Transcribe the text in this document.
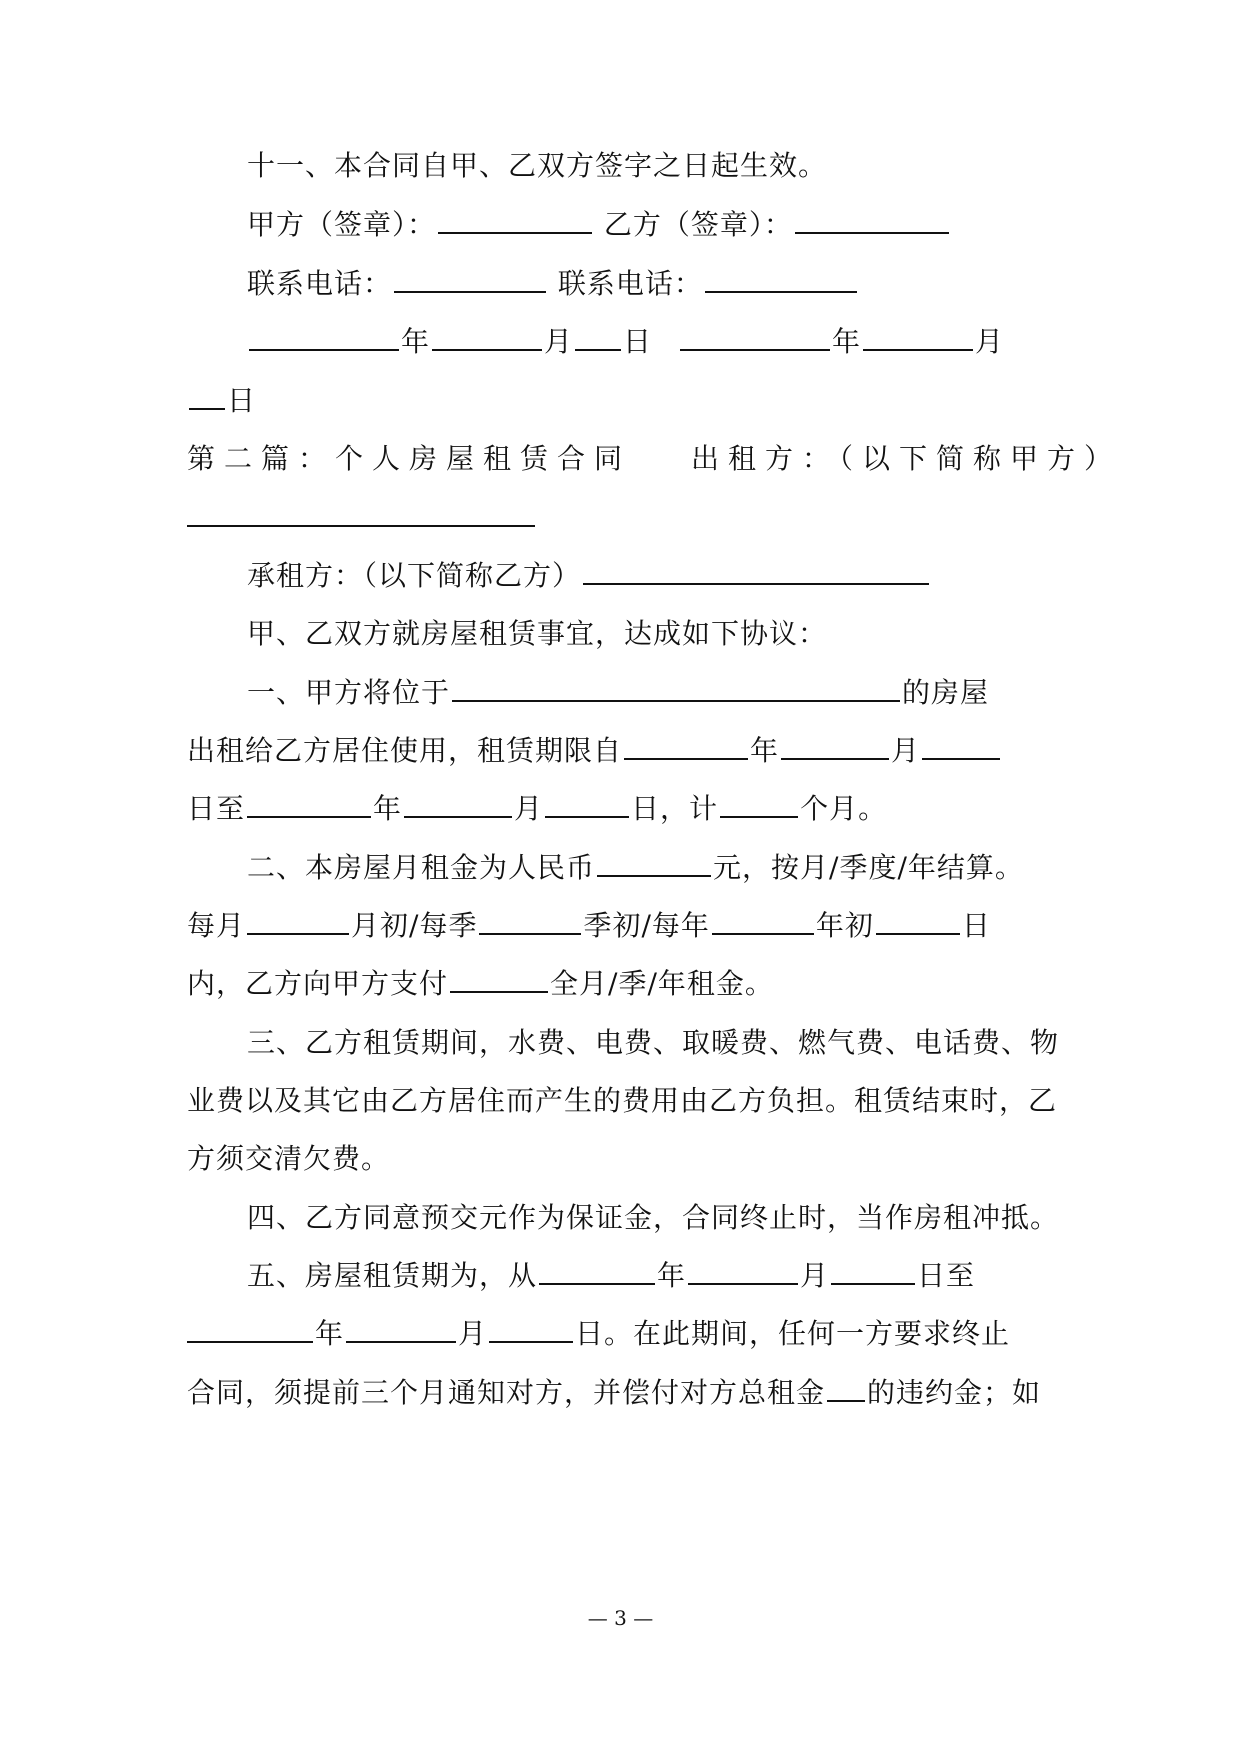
十一、本合同自甲、乙双方签字之日起生效。
甲方（签章）：	乙方（签章）：
联系电话：	联系电话：
年	月 日	年	月
日
第二篇：个人房屋租赁合同 出租方：（以下简称甲方）
承租方：（以下简称乙方）
甲、乙双方就房屋租赁事宜，达成如下协议：
一、甲方将位于	的房屋
出租给乙方居住使用，租赁期限自	年	月
日至	年	月	日，计	个月。
二、本房屋月租金为人民币	元，按月/季度/年结算。
每月	月初/每季	季初/每年	年初	日
内，乙方向甲方支付	全月/季/年租金。
三、乙方租赁期间，水费、电费、取暖费、燃气费、电话费、物
业费以及其它由乙方居住而产生的费用由乙方负担。租赁结束时，乙
方须交清欠费。
四、乙方同意预交元作为保证金，合同终止时，当作房租冲抵。
五、房屋租赁期为，从	年	月	日至
年	月	日。在此期间，任何一方要求终止
合同，须提前三个月通知对方，并偿付对方总租金 的违约金；如
— 3 —
